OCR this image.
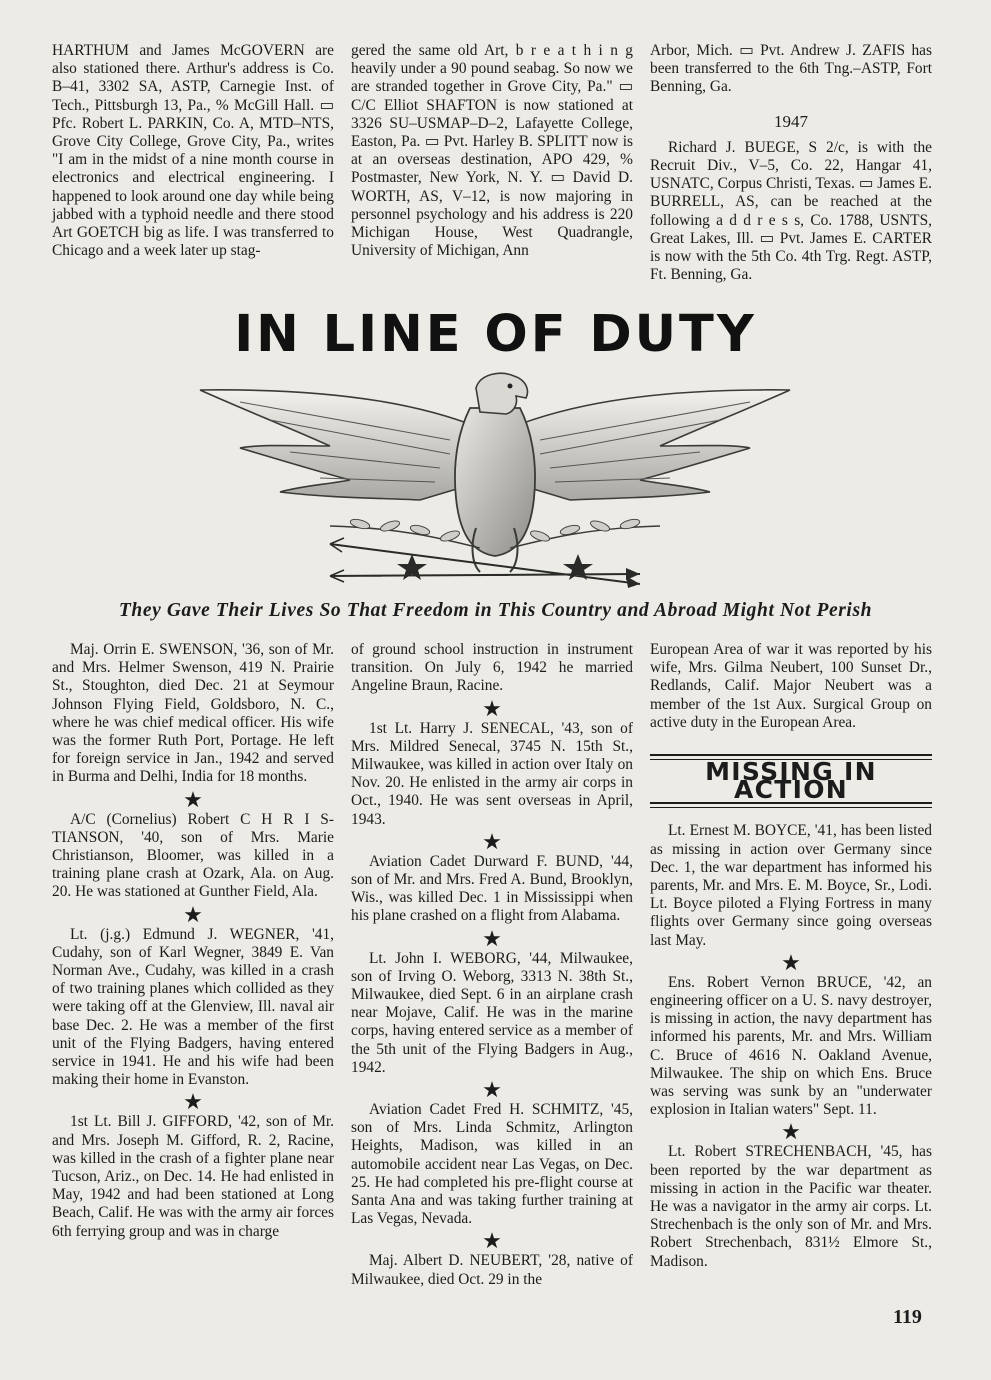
HARTHUM and James McGOVERN are also stationed there. Arthur's address is Co. B–41, 3302 SA, ASTP, Carnegie Inst. of Tech., Pittsburgh 13, Pa., % McGill Hall. ▭ Pfc. Robert L. PARKIN, Co. A, MTD–NTS, Grove City College, Grove City, Pa., writes "I am in the midst of a nine month course in electronics and electrical engineering. I happened to look around one day while being jabbed with a typhoid needle and there stood Art GOETCH big as life. I was transferred to Chicago and a week later up stag-

gered the same old Art, b r e a t h i n g heavily under a 90 pound seabag. So now we are stranded together in Grove City, Pa." ▭ C/C Elliot SHAFTON is now stationed at 3326 SU–USMAP–D–2, Lafayette College, Easton, Pa. ▭ Pvt. Harley B. SPLITT now is at an overseas destination, APO 429, % Postmaster, New York, N. Y. ▭ David D. WORTH, AS, V–12, is now majoring in personnel psychology and his address is 220 Michigan House, West Quadrangle, University of Michigan, Ann

Arbor, Mich. ▭ Pvt. Andrew J. ZAFIS has been transferred to the 6th Tng.–ASTP, Fort Benning, Ga.

1947

Richard J. BUEGE, S 2/c, is with the Recruit Div., V–5, Co. 22, Hangar 41, USNATC, Corpus Christi, Texas. ▭ James E. BURRELL, AS, can be reached at the following a d d r e s s, Co. 1788, USNTS, Great Lakes, Ill. ▭ Pvt. James E. CARTER is now with the 5th Co. 4th Trg. Regt. ASTP, Ft. Benning, Ga.

IN LINE OF DUTY
They Gave Their Lives So That Freedom in This Country and Abroad Might Not Perish

Maj. Orrin E. SWENSON, '36, son of Mr. and Mrs. Helmer Swenson, 419 N. Prairie St., Stoughton, died Dec. 21 at Seymour Johnson Flying Field, Goldsboro, N. C., where he was chief medical officer. His wife was the former Ruth Port, Portage. He left for foreign service in Jan., 1942 and served in Burma and Delhi, India for 18 months.

★

A/C (Cornelius) Robert C H R I S-TIANSON, '40, son of Mrs. Marie Christianson, Bloomer, was killed in a training plane crash at Ozark, Ala. on Aug. 20. He was stationed at Gunther Field, Ala.

★

Lt. (j.g.) Edmund J. WEGNER, '41, Cudahy, son of Karl Wegner, 3849 E. Van Norman Ave., Cudahy, was killed in a crash of two training planes which collided as they were taking off at the Glenview, Ill. naval air base Dec. 2. He was a member of the first unit of the Flying Badgers, having entered service in 1941. He and his wife had been making their home in Evanston.

★

1st Lt. Bill J. GIFFORD, '42, son of Mr. and Mrs. Joseph M. Gifford, R. 2, Racine, was killed in the crash of a fighter plane near Tucson, Ariz., on Dec. 14. He had enlisted in May, 1942 and had been stationed at Long Beach, Calif. He was with the army air forces 6th ferrying group and was in charge

of ground school instruction in instrument transition. On July 6, 1942 he married Angeline Braun, Racine.

★

1st Lt. Harry J. SENECAL, '43, son of Mrs. Mildred Senecal, 3745 N. 15th St., Milwaukee, was killed in action over Italy on Nov. 20. He enlisted in the army air corps in Oct., 1940. He was sent overseas in April, 1943.

★

Aviation Cadet Durward F. BUND, '44, son of Mr. and Mrs. Fred A. Bund, Brooklyn, Wis., was killed Dec. 1 in Mississippi when his plane crashed on a flight from Alabama.

★

Lt. John I. WEBORG, '44, Milwaukee, son of Irving O. Weborg, 3313 N. 38th St., Milwaukee, died Sept. 6 in an airplane crash near Mojave, Calif. He was in the marine corps, having entered service as a member of the 5th unit of the Flying Badgers in Aug., 1942.

★

Aviation Cadet Fred H. SCHMITZ, '45, son of Mrs. Linda Schmitz, Arlington Heights, Madison, was killed in an automobile accident near Las Vegas, on Dec. 25. He had completed his pre-flight course at Santa Ana and was taking further training at Las Vegas, Nevada.

★

Maj. Albert D. NEUBERT, '28, native of Milwaukee, died Oct. 29 in the

European Area of war it was reported by his wife, Mrs. Gilma Neubert, 100 Sunset Dr., Redlands, Calif. Major Neubert was a member of the 1st Aux. Surgical Group on active duty in the European Area.

MISSING IN ACTION

Lt. Ernest M. BOYCE, '41, has been listed as missing in action over Germany since Dec. 1, the war department has informed his parents, Mr. and Mrs. E. M. Boyce, Sr., Lodi. Lt. Boyce piloted a Flying Fortress in many flights over Germany since going overseas last May.

★

Ens. Robert Vernon BRUCE, '42, an engineering officer on a U. S. navy destroyer, is missing in action, the navy department has informed his parents, Mr. and Mrs. William C. Bruce of 4616 N. Oakland Avenue, Milwaukee. The ship on which Ens. Bruce was serving was sunk by an "underwater explosion in Italian waters" Sept. 11.

★

Lt. Robert STRECHENBACH, '45, has been reported by the war department as missing in action in the Pacific war theater. He was a navigator in the army air corps. Lt. Strechenbach is the only son of Mr. and Mrs. Robert Strechenbach, 831½ Elmore St., Madison.

119
